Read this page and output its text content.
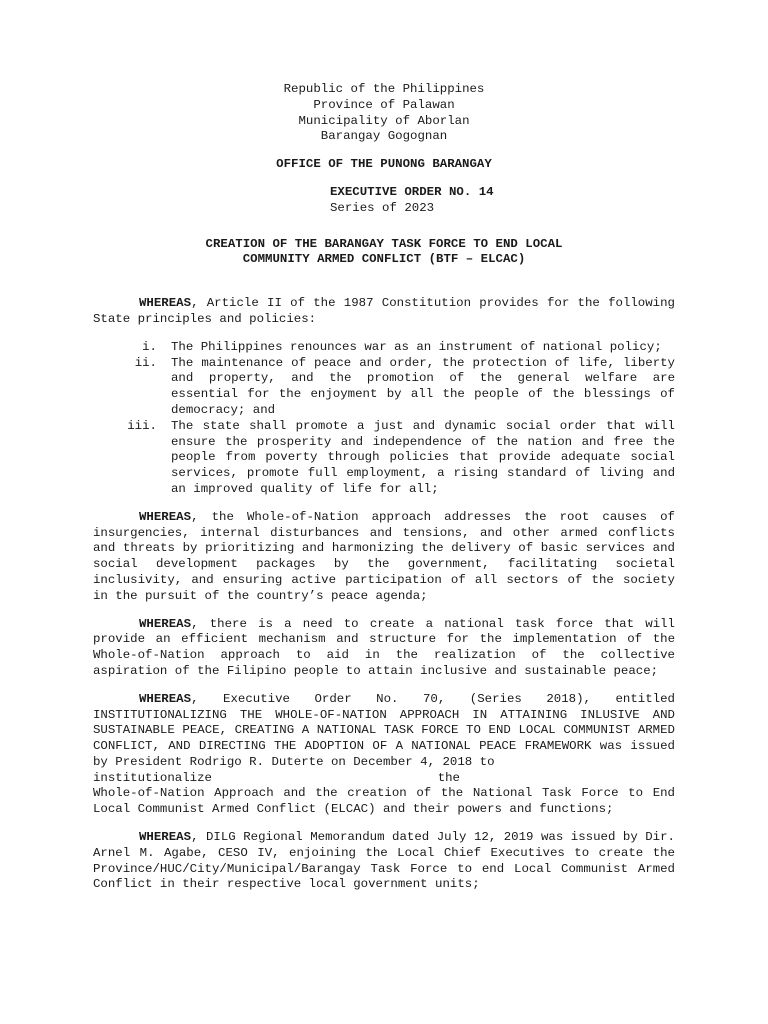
Republic of the Philippines
Province of Palawan
Municipality of Aborlan
Barangay Gogognan
OFFICE OF THE PUNONG BARANGAY
EXECUTIVE ORDER NO. 14
Series of 2023
CREATION OF THE BARANGAY TASK FORCE TO END LOCAL
COMMUNITY ARMED CONFLICT (BTF – ELCAC)

WHEREAS, Article II of the 1987 Constitution provides for the following State principles and policies:

i.	The Philippines renounces war as an instrument of national policy;
ii.	The maintenance of peace and order, the protection of life, liberty and property, and the promotion of the general welfare are essential for the enjoyment by all the people of the blessings of democracy; and
iii.	The state shall promote a just and dynamic social order that will ensure the prosperity and independence of the nation and free the people from poverty through policies that provide adequate social services, promote full employment, a rising standard of living and an improved quality of life for all;

WHEREAS, the Whole-of-Nation approach addresses the root causes of insurgencies, internal disturbances and tensions, and other armed conflicts and threats by prioritizing and harmonizing the delivery of basic services and social development packages by the government, facilitating societal inclusivity, and ensuring active participation of all sectors of the society in the pursuit of the country’s peace agenda;

WHEREAS, there is a need to create a national task force that will provide an efficient mechanism and structure for the implementation of the Whole-of-Nation approach to aid in the realization of the collective aspiration of the Filipino people to attain inclusive and sustainable peace;

WHEREAS, Executive Order No. 70, (Series 2018), entitled INSTITUTIONALIZING THE WHOLE-OF-NATION APPROACH IN ATTAINING INLUSIVE AND SUSTAINABLE PEACE, CREATING A NATIONAL TASK FORCE TO END LOCAL COMMUNIST ARMED CONFLICT, AND DIRECTING THE ADOPTION OF A NATIONAL PEACE FRAMEWORK was issued by President Rodrigo R. Duterte on December 4, 2018 to

institutionalize	the

Whole-of-Nation Approach and the creation of the National Task Force to End Local Communist Armed Conflict (ELCAC) and their powers and functions;

WHEREAS, DILG Regional Memorandum dated July 12, 2019 was issued by Dir. Arnel M. Agabe, CESO IV, enjoining the Local Chief Executives to create the Province/HUC/City/Municipal/Barangay Task Force to end Local Communist Armed Conflict in their respective local government units;
